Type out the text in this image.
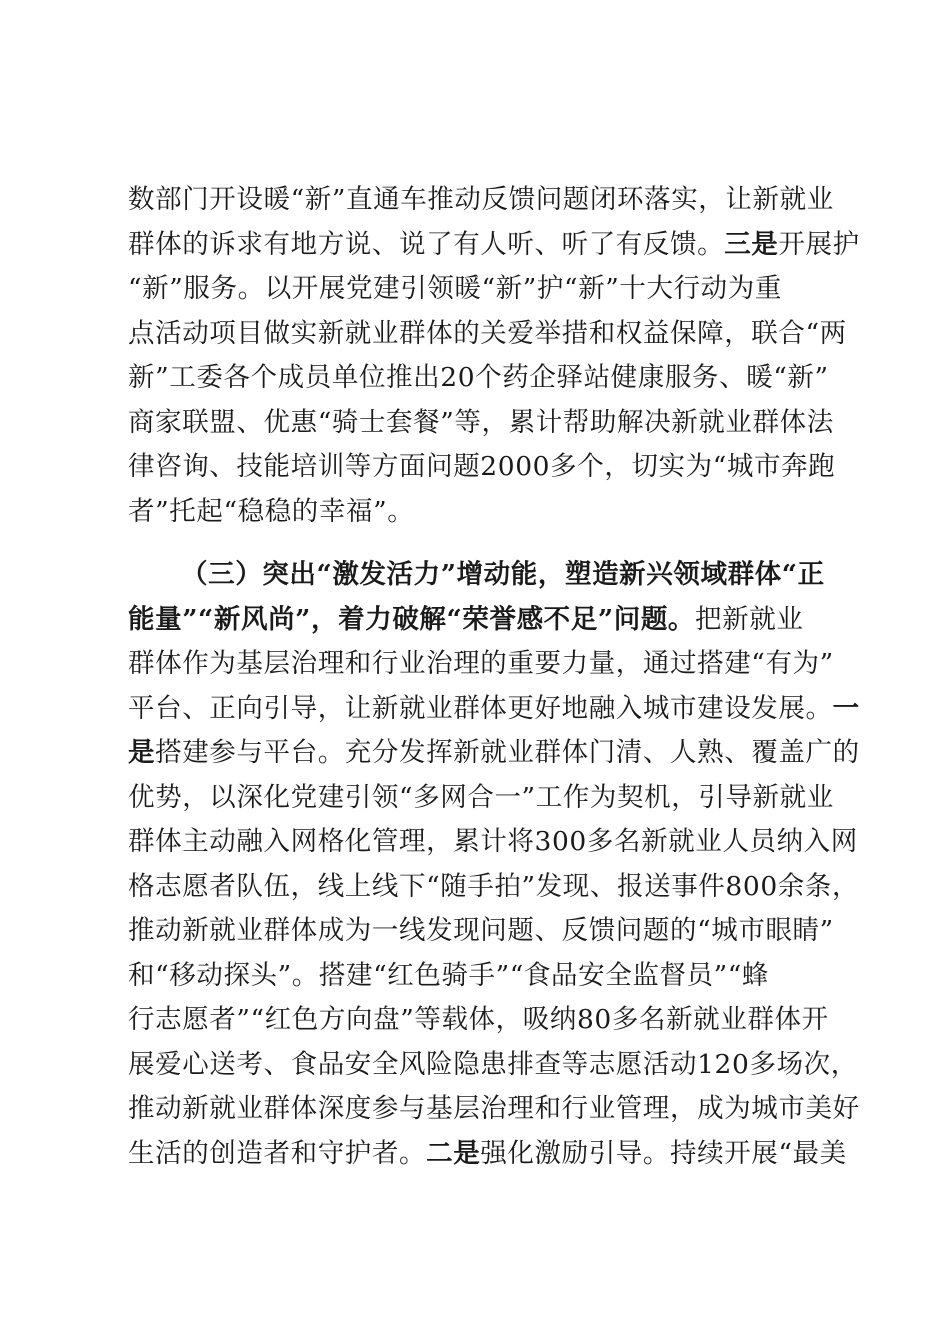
数部门开设暖“新”直通车推动反馈问题闭环落实，让新就业
群体的诉求有地方说、说了有人听、听了有反馈。三是开展护
“新”服务。以开展党建引领暖“新”护“新”十大行动为重
点活动项目做实新就业群体的关爱举措和权益保障，联合“两
新”工委各个成员单位推出20个药企驿站健康服务、暖“新”
商家联盟、优惠“骑士套餐”等，累计帮助解决新就业群体法
律咨询、技能培训等方面问题2000多个，切实为“城市奔跑
者”托起“稳稳的幸福”。
（三）突出“激发活力”增动能，塑造新兴领域群体“正
能量”“新风尚”，着力破解“荣誉感不足”问题。把新就业
群体作为基层治理和行业治理的重要力量，通过搭建“有为”
平台、正向引导，让新就业群体更好地融入城市建设发展。一
是搭建参与平台。充分发挥新就业群体门清、人熟、覆盖广的
优势，以深化党建引领“多网合一”工作为契机，引导新就业
群体主动融入网格化管理，累计将300多名新就业人员纳入网
格志愿者队伍，线上线下“随手拍”发现、报送事件800余条，
推动新就业群体成为一线发现问题、反馈问题的“城市眼睛”
和“移动探头”。搭建“红色骑手”“食品安全监督员”“蜂
行志愿者”“红色方向盘”等载体，吸纳80多名新就业群体开
展爱心送考、食品安全风险隐患排查等志愿活动120多场次，
推动新就业群体深度参与基层治理和行业管理，成为城市美好
生活的创造者和守护者。二是强化激励引导。持续开展“最美
